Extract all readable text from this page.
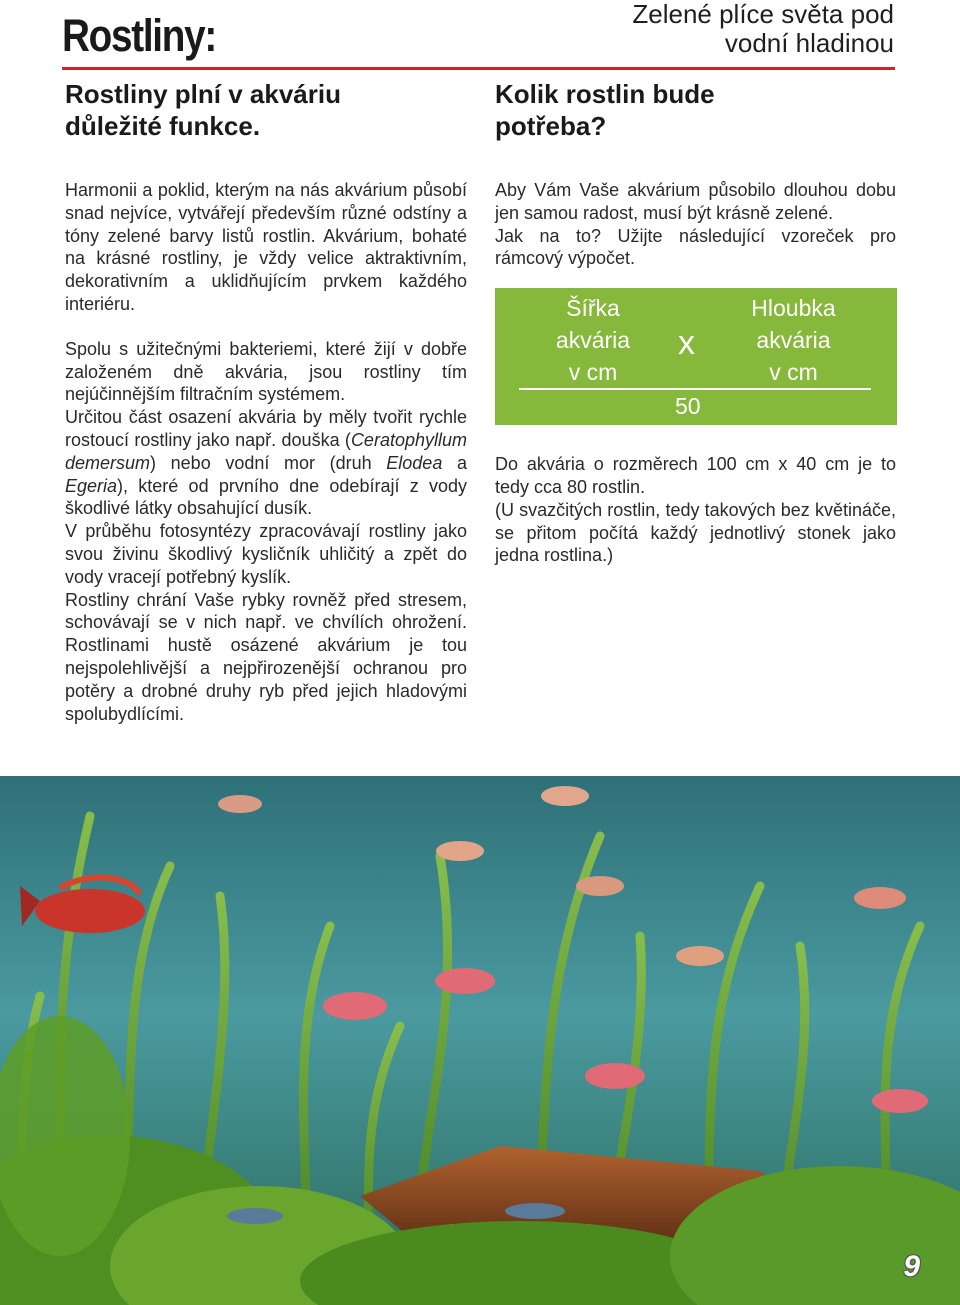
Rostliny:	Zelené plíce světa pod
vodní hladinou
Rostliny plní v akváriu
důležité funkce.

Harmonii a poklid, kterým na nás akvárium působí snad nejvíce, vytvářejí především různé odstíny a tóny zelené barvy listů rostlin. Akvárium, bohaté na krásné rostliny, je vždy velice aktraktivním, dekorativním a uklidňujícím prvkem každého interiéru.

Spolu s užitečnými bakteriemi, které žijí v dobře založeném dně akvária, jsou rostliny tím nejúčinnějším filtračním systémem.

Určitou část osazení akvária by měly tvořit rychle rostoucí rostliny jako např. douška (Ceratophyllum demersum) nebo vodní mor (druh Elodea a Egeria), které od prvního dne odebírají z vody škodlivé látky obsahující dusík.

V průběhu fotosyntézy zpracovávají rostliny jako svou živinu škodlivý kysličník uhličitý a zpět do vody vracejí potřebný kyslík.

Rostliny chrání Vaše rybky rovněž před stresem, schovávají se v nich např. ve chvílích ohrožení. Rostlinami hustě osázené akvárium je tou nejspolehlivější a nejpřirozenější ochranou pro potěry a drobné druhy ryb před jejich hladovými spolubydlícími.

Kolik rostlin bude
potřeba?

Aby Vám Vaše akvárium působilo dlouhou dobu jen samou radost, musí být krásně zelené.

Jak na to? Užijte následující vzoreček pro rámcový výpočet.

Šířka
akvária
v cm
x
Hloubka
akvária
v cm
50

Do akvária o rozměrech 100 cm x 40 cm je to tedy cca 80 rostlin.

(U svazčitých rostlin, tedy takových bez květináče, se přitom počítá každý jednotlivý stonek jako jedna rostlina.)

9
